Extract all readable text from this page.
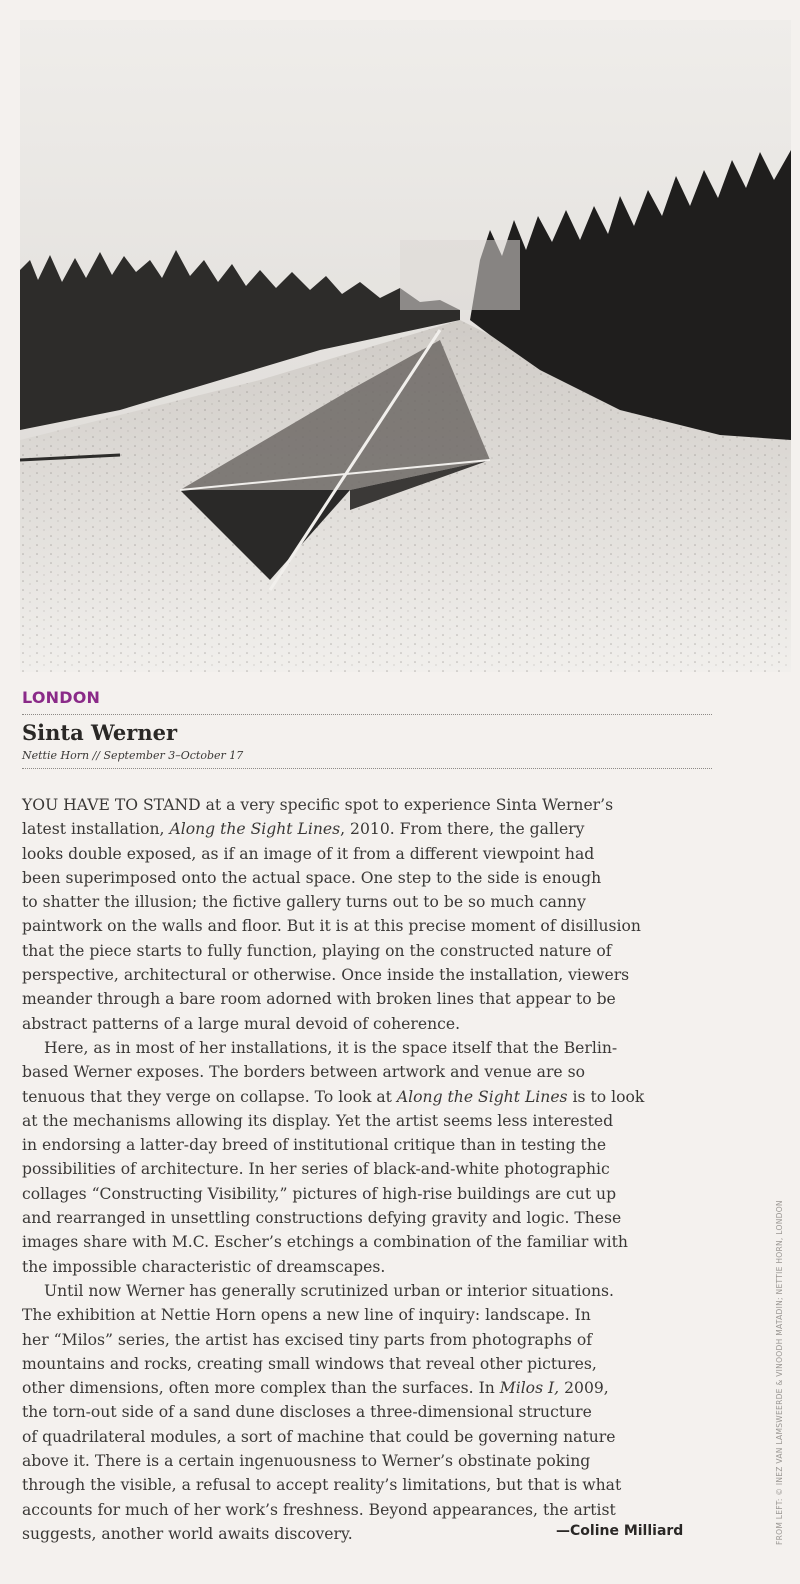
LONDON
Sinta Werner
Nettie Horn // September 3–October 17
YOU HAVE TO STAND at a very specific spot to experience Sinta Werner’s
latest installation, Along the Sight Lines, 2010. From there, the gallery
looks double exposed, as if an image of it from a different viewpoint had
been superimposed onto the actual space. One step to the side is enough
to shatter the illusion; the fictive gallery turns out to be so much canny
paintwork on the walls and floor. But it is at this precise moment of disillusion
that the piece starts to fully function, playing on the constructed nature of
perspective, architectural or otherwise. Once inside the installation, viewers
meander through a bare room adorned with broken lines that appear to be
abstract patterns of a large mural devoid of coherence.
Here, as in most of her installations, it is the space itself that the Berlin-
based Werner exposes. The borders between artwork and venue are so
tenuous that they verge on collapse. To look at Along the Sight Lines is to look
at the mechanisms allowing its display. Yet the artist seems less interested
in endorsing a latter-day breed of institutional critique than in testing the
possibilities of architecture. In her series of black-and-white photographic
collages “Constructing Visibility,” pictures of high-rise buildings are cut up
and rearranged in unsettling constructions defying gravity and logic. These
images share with M.C. Escher’s etchings a combination of the familiar with
the impossible characteristic of dreamscapes.
Until now Werner has generally scrutinized urban or interior situations.
The exhibition at Nettie Horn opens a new line of inquiry: landscape. In
her “Milos” series, the artist has excised tiny parts from photographs of
mountains and rocks, creating small windows that reveal other pictures,
other dimensions, often more complex than the surfaces. In Milos I, 2009,
the torn-out side of a sand dune discloses a three-dimensional structure
of quadrilateral modules, a sort of machine that could be governing nature
above it. There is a certain ingenuousness to Werner’s obstinate poking
through the visible, a refusal to accept reality’s limitations, but that is what
accounts for much of her work’s freshness. Beyond appearances, the artist
suggests, another world awaits discovery.	—Coline Milliard	FROM LEFT: © INEZ VAN LAMSWEERDE & VINOODH MATADIN; NETTIE HORN, LONDON
